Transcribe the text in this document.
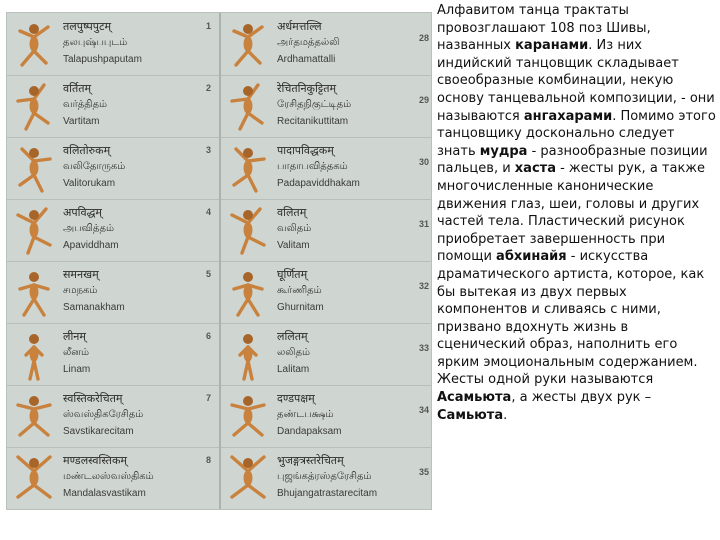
तलपुष्पपुटम्
தலபுஷ்பபுடம்
Talapushpaputam
1
वर्तितम्
வர்த்திதம்
Vartitam
2
वलितोरुकम्
வலிதோருகம்
Valitorukam
3
अपविद्धम्
அபவித்தம்
Apaviddham
4
समनखम्
சமநகம்
Samanakham
5
लीनम्
லீனம்
Linam
6
स्वस्तिकरेचितम्
ஸ்வஸ்திகரேசிதம்
Savstikarecitam
7
मण्डलस्वस्तिकम्
மண்டலஸ்வஸ்திகம்
Mandalasvastikam
8
अर्धमत्तल्लि
அர்தமத்தல்லி
Ardhamattalli
28
रेचितनिकुट्टितम्
ரேசிதநிகுட்டிதம்
Recitanikuttitam
29
पादापविद्धकम्
பாதாபவித்தகம்
Padapaviddhakam
30
वलितम्
வலிதம்
Valitam
31
घूर्णितम्
கூர்ணிதம்
Ghurnitam
32
ललितम्
லலிதம்
Lalitam
33
दण्डपक्षम्
தண்டபக்ஷம்
Dandapaksam
34
भुजङ्गत्रस्तरेचितम्
புஜங்கத்ரஸ்தரேசிதம்
Bhujangatrastarecitam
35

Алфавитом танца трактаты провозглашают 108 поз Шивы, названных каранами. Из них индийский танцовщик складывает своеобразные комбинации, некую основу танцевальной композиции, - они называются ангахарами. Помимо этого танцовщику досконально следует знать мудра - разнообразные позиции пальцев, и хаста - жесты рук, а также многочисленные канонические движения глаз, шеи, головы и других частей тела. Пластический рисунок приобретает завершенность при помощи абхинайя - искусства драматического артиста, которое, как бы вытекая из двух первых компонентов и сливаясь с ними, призвано вдохнуть жизнь в сценический образ, наполнить его ярким эмоциональным содержанием. Жесты одной руки называются Асамьюта, а жесты двух рук – Самьюта.
